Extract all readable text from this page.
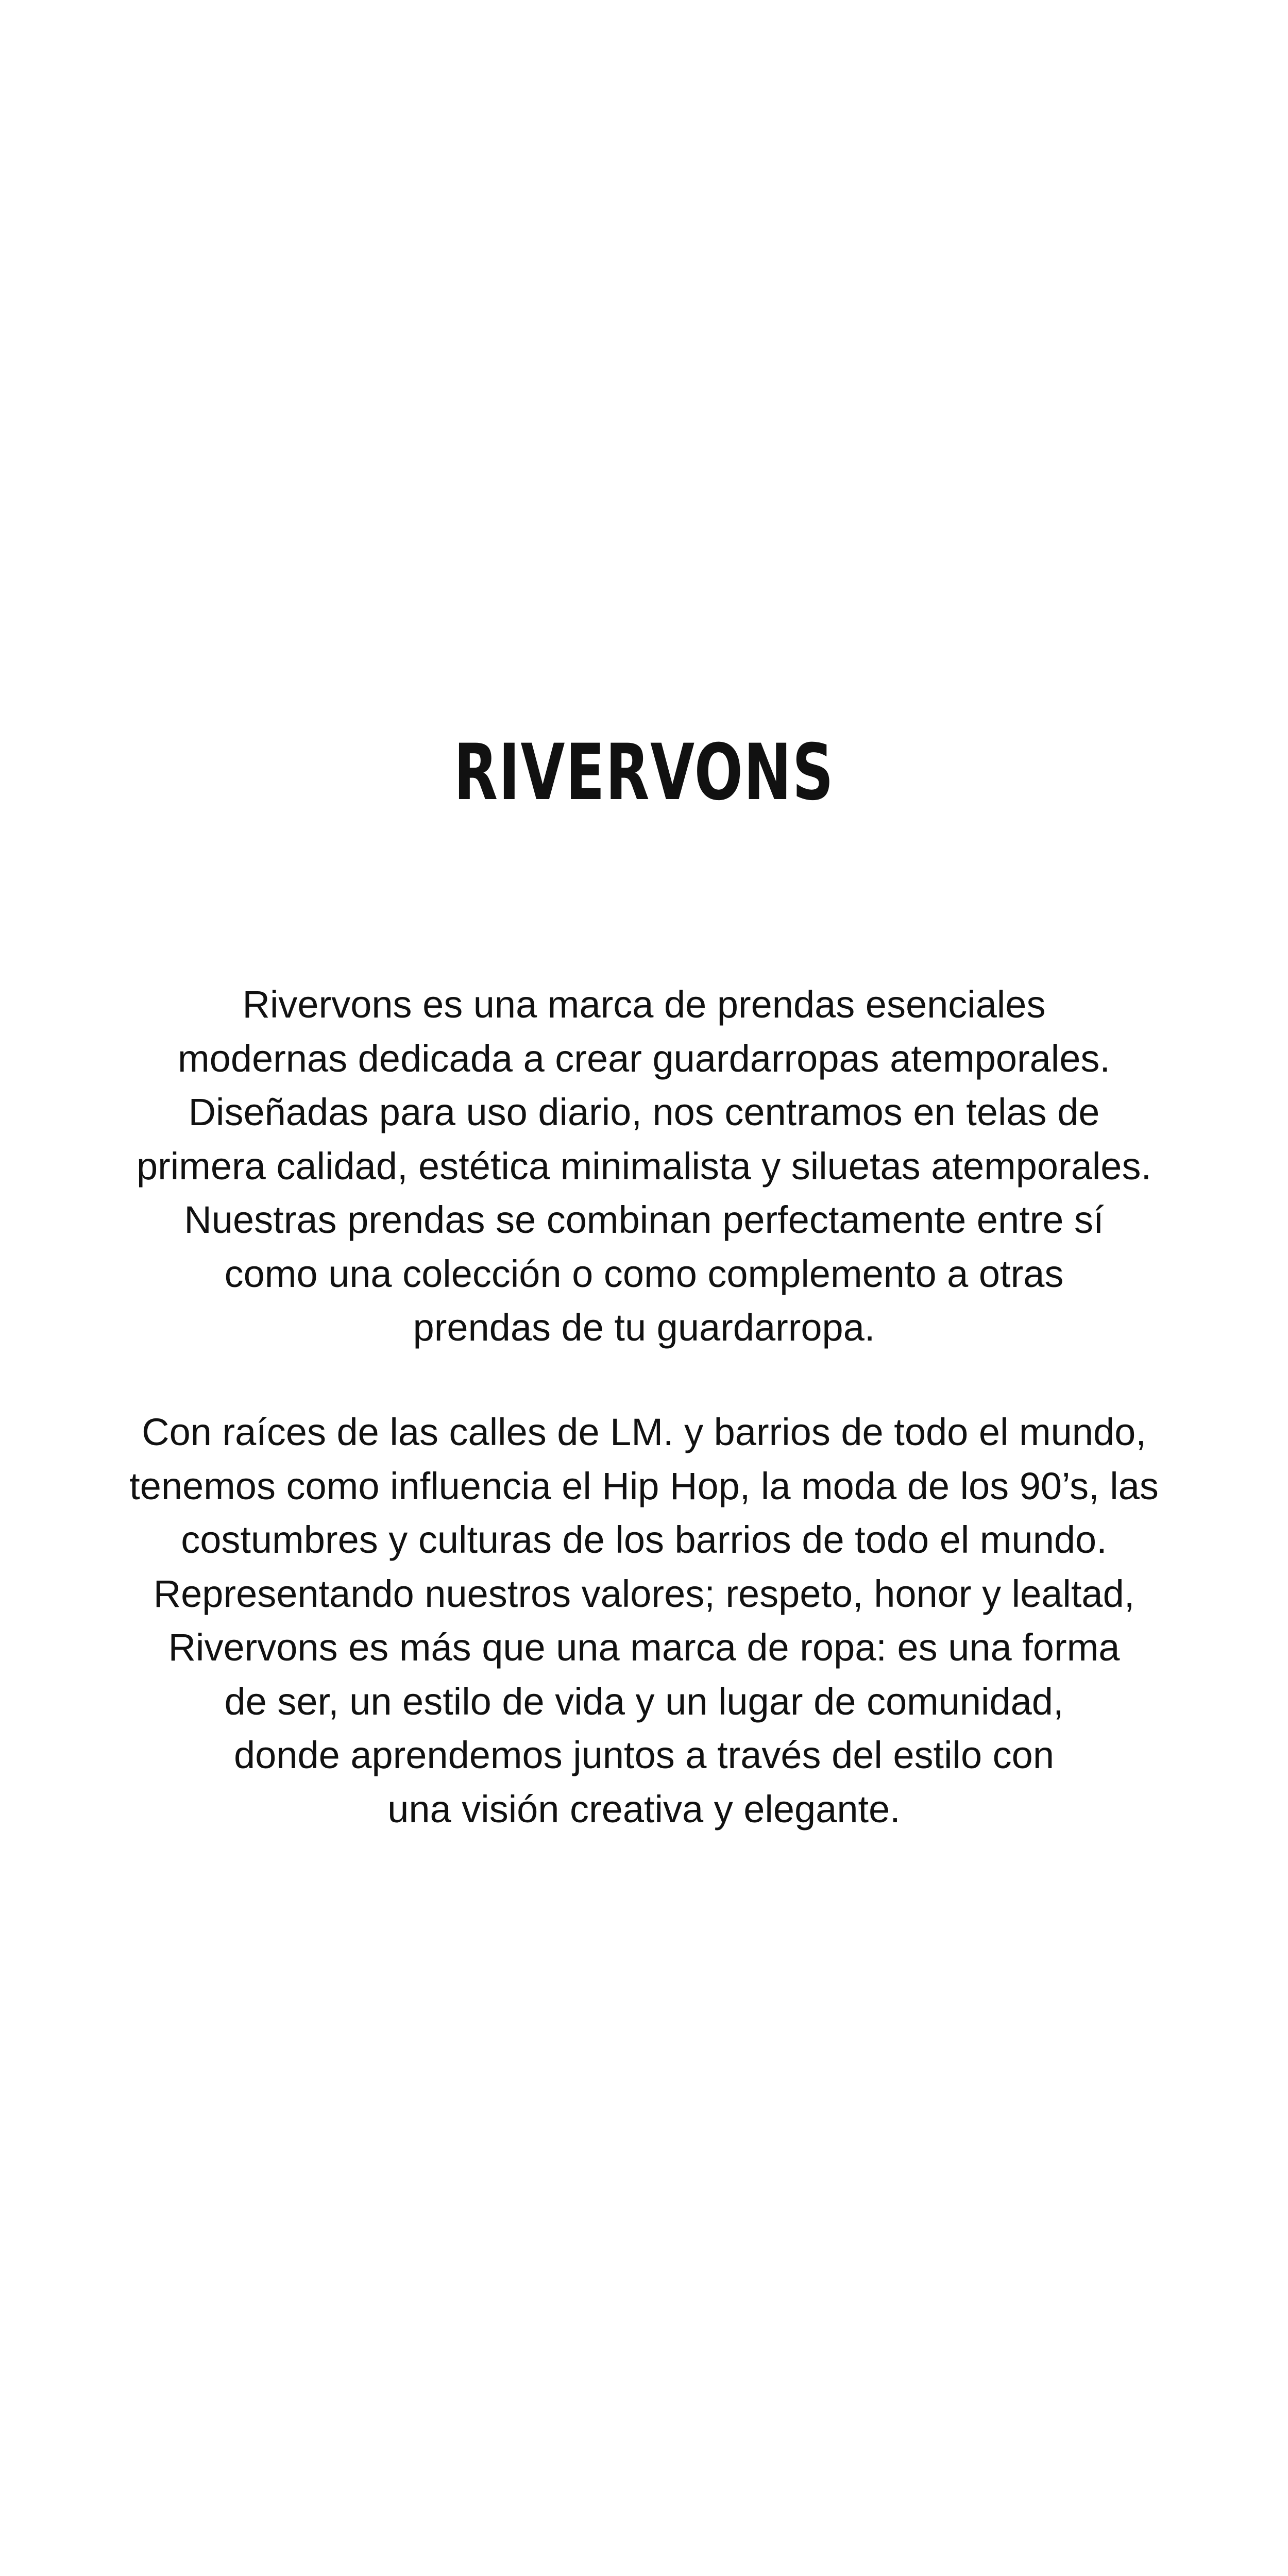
RIVERVONS

Rivervons es una marca de prendas esenciales
modernas dedicada a crear guardarropas atemporales.
Diseñadas para uso diario, nos centramos en telas de
primera calidad, estética minimalista y siluetas atemporales.
Nuestras prendas se combinan perfectamente entre sí
como una colección o como complemento a otras
prendas de tu guardarropa.

Con raíces de las calles de LM. y barrios de todo el mundo,
tenemos como influencia el Hip Hop, la moda de los 90’s, las
costumbres y culturas de los barrios de todo el mundo.
Representando nuestros valores; respeto, honor y lealtad,
Rivervons es más que una marca de ropa: es una forma
de ser, un estilo de vida y un lugar de comunidad,
donde aprendemos juntos a través del estilo con
una visión creativa y elegante.
